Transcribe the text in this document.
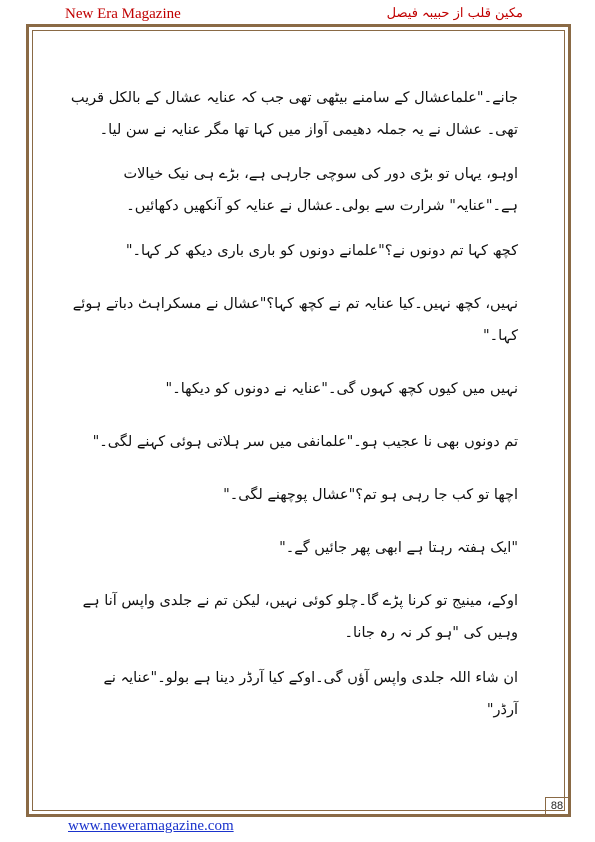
New Era Magazine	مکین قلب از حبیبہ فیصل

جانے۔"علماعشال کے سامنے بیٹھی تھی جب کہ عنایہ عشال کے بالکل قریب تھی۔ عشال نے یہ جملہ دھیمی آواز میں کہا تھا مگر عنایہ نے سن لیا۔

اوہو، یہاں تو بڑی دور کی سوچی جارہی ہے، بڑے ہی نیک خیالات ہے۔"عنایہ" شرارت سے بولی۔عشال نے عنایہ کو آنکھیں دکھائیں۔

کچھ کہا تم دونوں نے؟"علمانے دونوں کو باری باری دیکھ کر کہا۔"

نہیں، کچھ نہیں۔کیا عنایہ تم نے کچھ کہا؟"عشال نے مسکراہٹ دباتے ہوئے کہا۔"

نہیں میں کیوں کچھ کہوں گی۔"عنایہ نے دونوں کو دیکھا۔"

تم دونوں بھی نا عجیب ہو۔"علمانفی میں سر ہلاتی ہوئی کہنے لگی۔"

اچھا تو کب جا رہی ہو تم؟"عشال پوچھنے لگی۔"

"ایک ہفتہ رہتا ہے ابھی پھر جائیں گے۔"

اوکے، مینیج تو کرنا پڑے گا۔چلو کوئی نہیں، لیکن تم نے جلدی واپس آنا ہے وہیں کی "ہو کر نہ رہ جانا۔

ان شاء اللہ جلدی واپس آؤں گی۔اوکے کیا آرڈر دینا ہے بولو۔"عنایہ نے آرڈر"

88
www.neweramagazine.com
